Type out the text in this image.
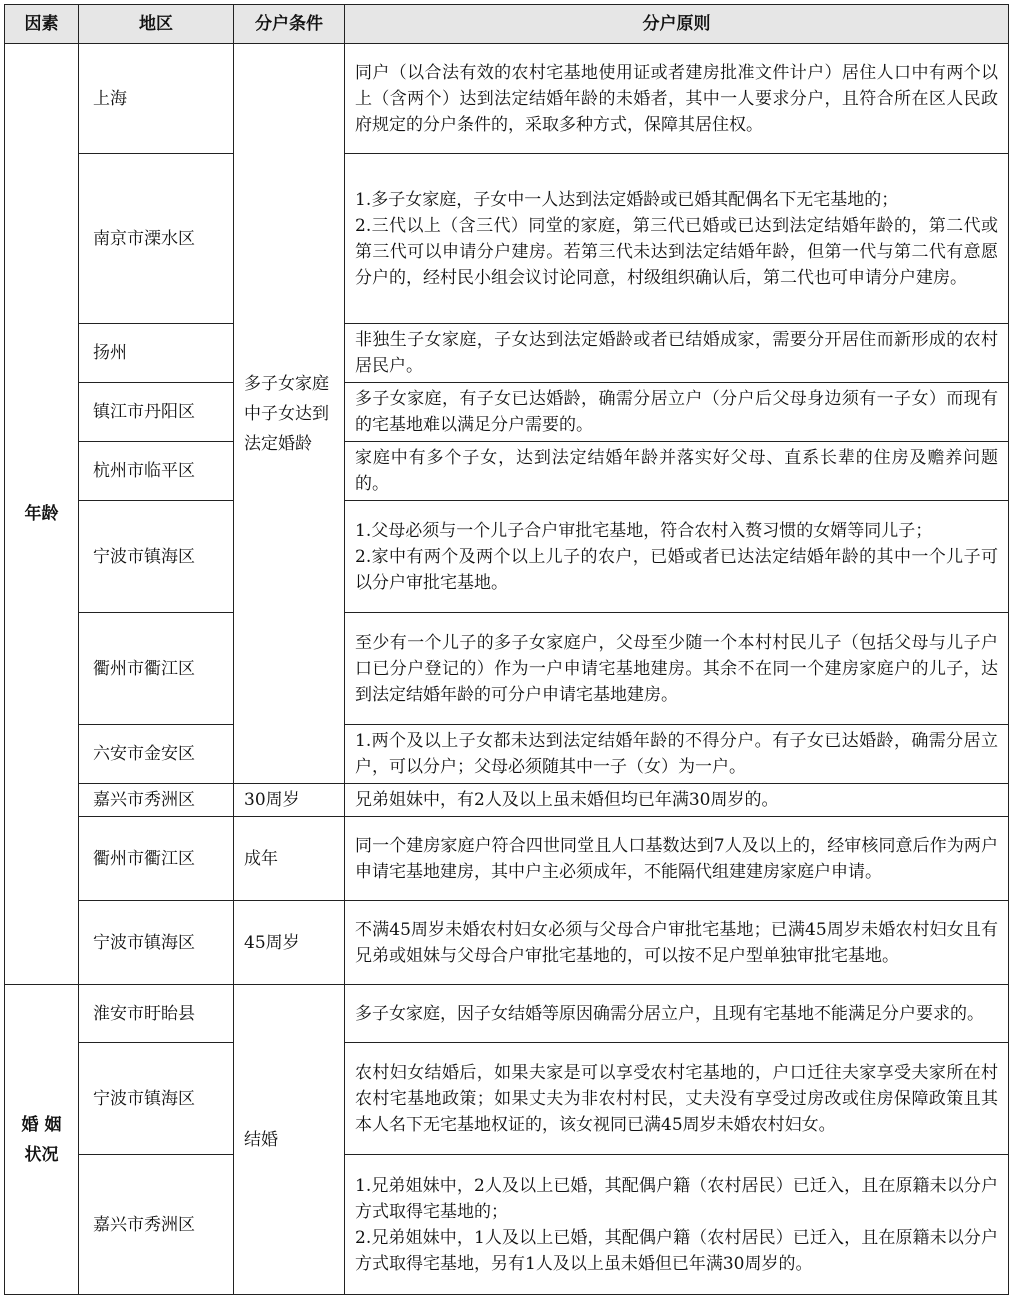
因素	地区	分户条件	分户原则
年龄	上海	多子女家庭中子女达到法定婚龄	同户（以合法有效的农村宅基地使用证或者建房批准文件计户）居住人口中有两个以上（含两个）达到法定结婚年龄的未婚者，其中一人要求分户，且符合所在区人民政府规定的分户条件的，采取多种方式，保障其居住权。

	南京市溧水区		1.多子女家庭，子女中一人达到法定婚龄或已婚其配偶名下无宅基地的；
2.三代以上（含三代）同堂的家庭，第三代已婚或已达到法定结婚年龄的，第二代或第三代可以申请分户建房。若第三代未达到法定结婚年龄，但第一代与第二代有意愿分户的，经村民小组会议讨论同意，村级组织确认后，第二代也可申请分户建房。

	扬州		非独生子女家庭，子女达到法定婚龄或者已结婚成家，需要分开居住而新形成的农村居民户。

	镇江市丹阳区		多子女家庭，有子女已达婚龄，确需分居立户（分户后父母身边须有一子女）而现有的宅基地难以满足分户需要的。

	杭州市临平区		家庭中有多个子女，达到法定结婚年龄并落实好父母、直系长辈的住房及赡养问题的。

	宁波市镇海区		1.父母必须与一个儿子合户审批宅基地，符合农村入赘习惯的女婿等同儿子；
2.家中有两个及两个以上儿子的农户，已婚或者已达法定结婚年龄的其中一个儿子可以分户审批宅基地。

	衢州市衢江区		至少有一个儿子的多子女家庭户，父母至少随一个本村村民儿子（包括父母与儿子户口已分户登记的）作为一户申请宅基地建房。其余不在同一个建房家庭户的儿子，达到法定结婚年龄的可分户申请宅基地建房。

	六安市金安区		1.两个及以上子女都未达到法定结婚年龄的不得分户。有子女已达婚龄，确需分居立户，可以分户；父母必须随其中一子（女）为一户。

	嘉兴市秀洲区	30周岁	兄弟姐妹中，有2人及以上虽未婚但均已年满30周岁的。

	衢州市衢江区	成年	同一个建房家庭户符合四世同堂且人口基数达到7人及以上的，经审核同意后作为两户申请宅基地建房，其中户主必须成年，不能隔代组建建房家庭户申请。

	宁波市镇海区	45周岁	不满45周岁未婚农村妇女必须与父母合户审批宅基地；已满45周岁未婚农村妇女且有兄弟或姐妹与父母合户审批宅基地的，可以按不足户型单独审批宅基地。

婚 姻 状况	淮安市盱眙县	结婚	多子女家庭，因子女结婚等原因确需分居立户，且现有宅基地不能满足分户要求的。

	宁波市镇海区		农村妇女结婚后，如果夫家是可以享受农村宅基地的，户口迁往夫家享受夫家所在村农村宅基地政策；如果丈夫为非农村村民，丈夫没有享受过房改或住房保障政策且其本人名下无宅基地权证的，该女视同已满45周岁未婚农村妇女。

	嘉兴市秀洲区		1.兄弟姐妹中，2人及以上已婚，其配偶户籍（农村居民）已迁入，且在原籍未以分户方式取得宅基地的；
2.兄弟姐妹中，1人及以上已婚，其配偶户籍（农村居民）已迁入，且在原籍未以分户方式取得宅基地，另有1人及以上虽未婚但已年满30周岁的。
